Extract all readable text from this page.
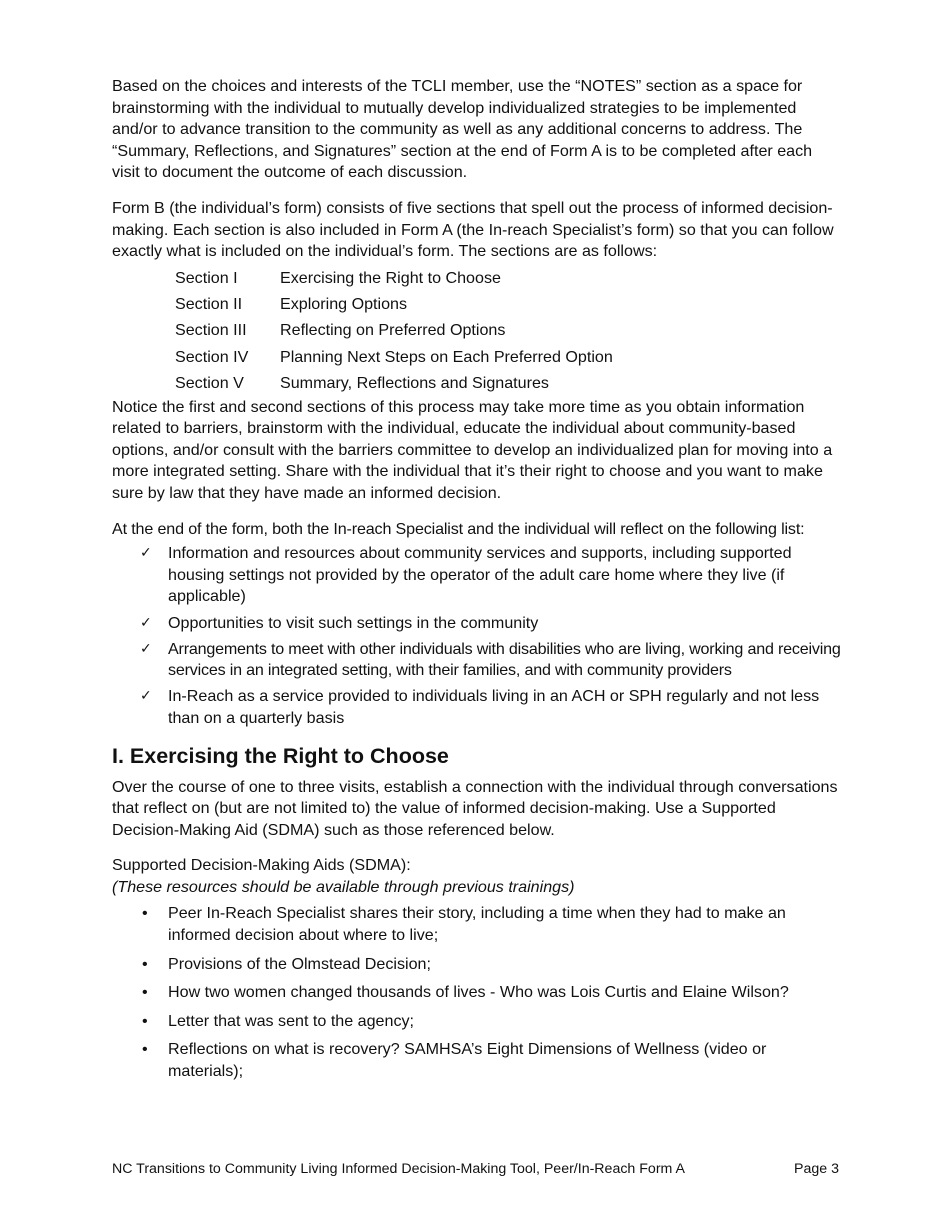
Based on the choices and interests of the TCLI member, use the “NOTES” section as a space for brainstorming with the individual to mutually develop individualized strategies to be implemented and/or to advance transition to the community as well as any additional concerns to address. The “Summary, Reflections, and Signatures” section at the end of Form A is to be completed after each visit to document the outcome of each discussion.

Form B (the individual’s form) consists of five sections that spell out the process of informed decision-making. Each section is also included in Form A (the In-reach Specialist’s form) so that you can follow exactly what is included on the individual’s form. The sections are as follows:

Section I	Exercising the Right to Choose
Section II	Exploring Options
Section III	Reflecting on Preferred Options
Section IV	Planning Next Steps on Each Preferred Option
Section V	Summary, Reflections and Signatures

Notice the first and second sections of this process may take more time as you obtain information related to barriers, brainstorm with the individual, educate the individual about community-based options, and/or consult with the barriers committee to develop an individualized plan for moving into a more integrated setting. Share with the individual that it’s their right to choose and you want to make sure by law that they have made an informed decision.

At the end of the form, both the In-reach Specialist and the individual will reflect on the following list:

✓ Information and resources about community services and supports, including supported housing settings not provided by the operator of the adult care home where they live (if applicable)
✓ Opportunities to visit such settings in the community
✓ Arrangements to meet with other individuals with disabilities who are living, working and receiving services in an integrated setting, with their families, and with community providers
✓ In-Reach as a service provided to individuals living in an ACH or SPH regularly and not less than on a quarterly basis
I. Exercising the Right to Choose

Over the course of one to three visits, establish a connection with the individual through conversations that reflect on (but are not limited to) the value of informed decision-making. Use a Supported Decision-Making Aid (SDMA) such as those referenced below.

Supported Decision-Making Aids (SDMA):

(These resources should be available through previous trainings)

• Peer In-Reach Specialist shares their story, including a time when they had to make an informed decision about where to live;
• Provisions of the Olmstead Decision;
• How two women changed thousands of lives - Who was Lois Curtis and Elaine Wilson?
• Letter that was sent to the agency;
• Reflections on what is recovery? SAMHSA’s Eight Dimensions of Wellness (video or materials);
NC Transitions to Community Living Informed Decision-Making Tool, Peer/In-Reach Form A	Page 3
